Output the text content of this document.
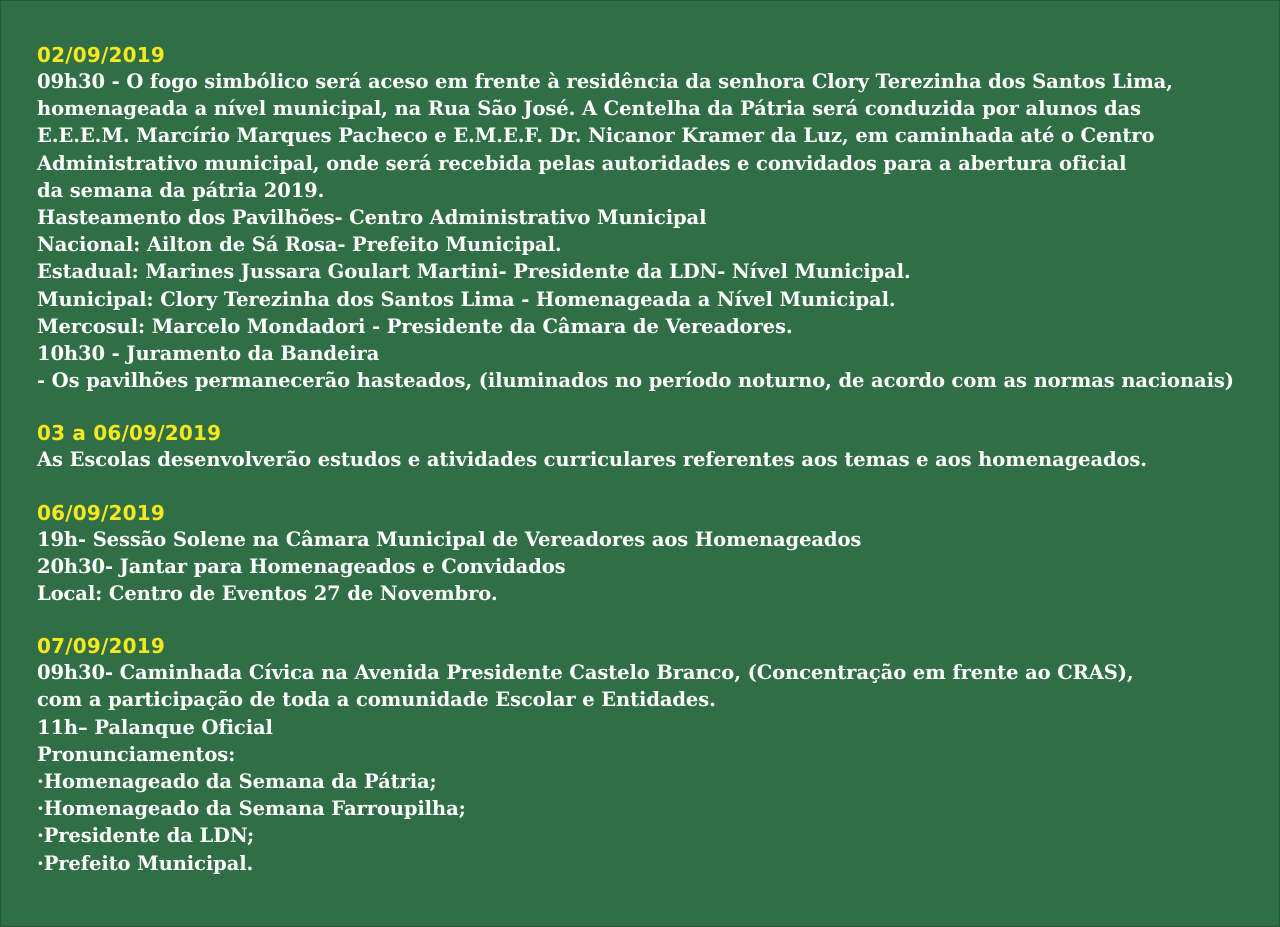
02/09/2019
09h30 - O fogo simbólico será aceso em frente à residência da senhora Clory Terezinha dos Santos Lima,
homenageada a nível municipal, na Rua São José. A Centelha da Pátria será conduzida por alunos das
E.E.E.M. Marcírio Marques Pacheco e E.M.E.F. Dr. Nicanor Kramer da Luz, em caminhada até o Centro
Administrativo municipal, onde será recebida pelas autoridades e convidados para a abertura oficial
da semana da pátria 2019.
Hasteamento dos Pavilhões- Centro Administrativo Municipal
Nacional: Ailton de Sá Rosa- Prefeito Municipal.
Estadual: Marines Jussara Goulart Martini- Presidente da LDN- Nível Municipal.
Municipal: Clory Terezinha dos Santos Lima - Homenageada a Nível Municipal.
Mercosul: Marcelo Mondadori - Presidente da Câmara de Vereadores.
10h30 - Juramento da Bandeira
- Os pavilhões permanecerão hasteados, (iluminados no período noturno, de acordo com as normas nacionais)
03 a 06/09/2019
As Escolas desenvolverão estudos e atividades curriculares referentes aos temas e aos homenageados.
06/09/2019
19h- Sessão Solene na Câmara Municipal de Vereadores aos Homenageados
20h30- Jantar para Homenageados e Convidados
Local: Centro de Eventos 27 de Novembro.
07/09/2019
09h30- Caminhada Cívica na Avenida Presidente Castelo Branco, (Concentração em frente ao CRAS),
com a participação de toda a comunidade Escolar e Entidades.
11h– Palanque Oficial
Pronunciamentos:
·Homenageado da Semana da Pátria;
·Homenageado da Semana Farroupilha;
·Presidente da LDN;
·Prefeito Municipal.
